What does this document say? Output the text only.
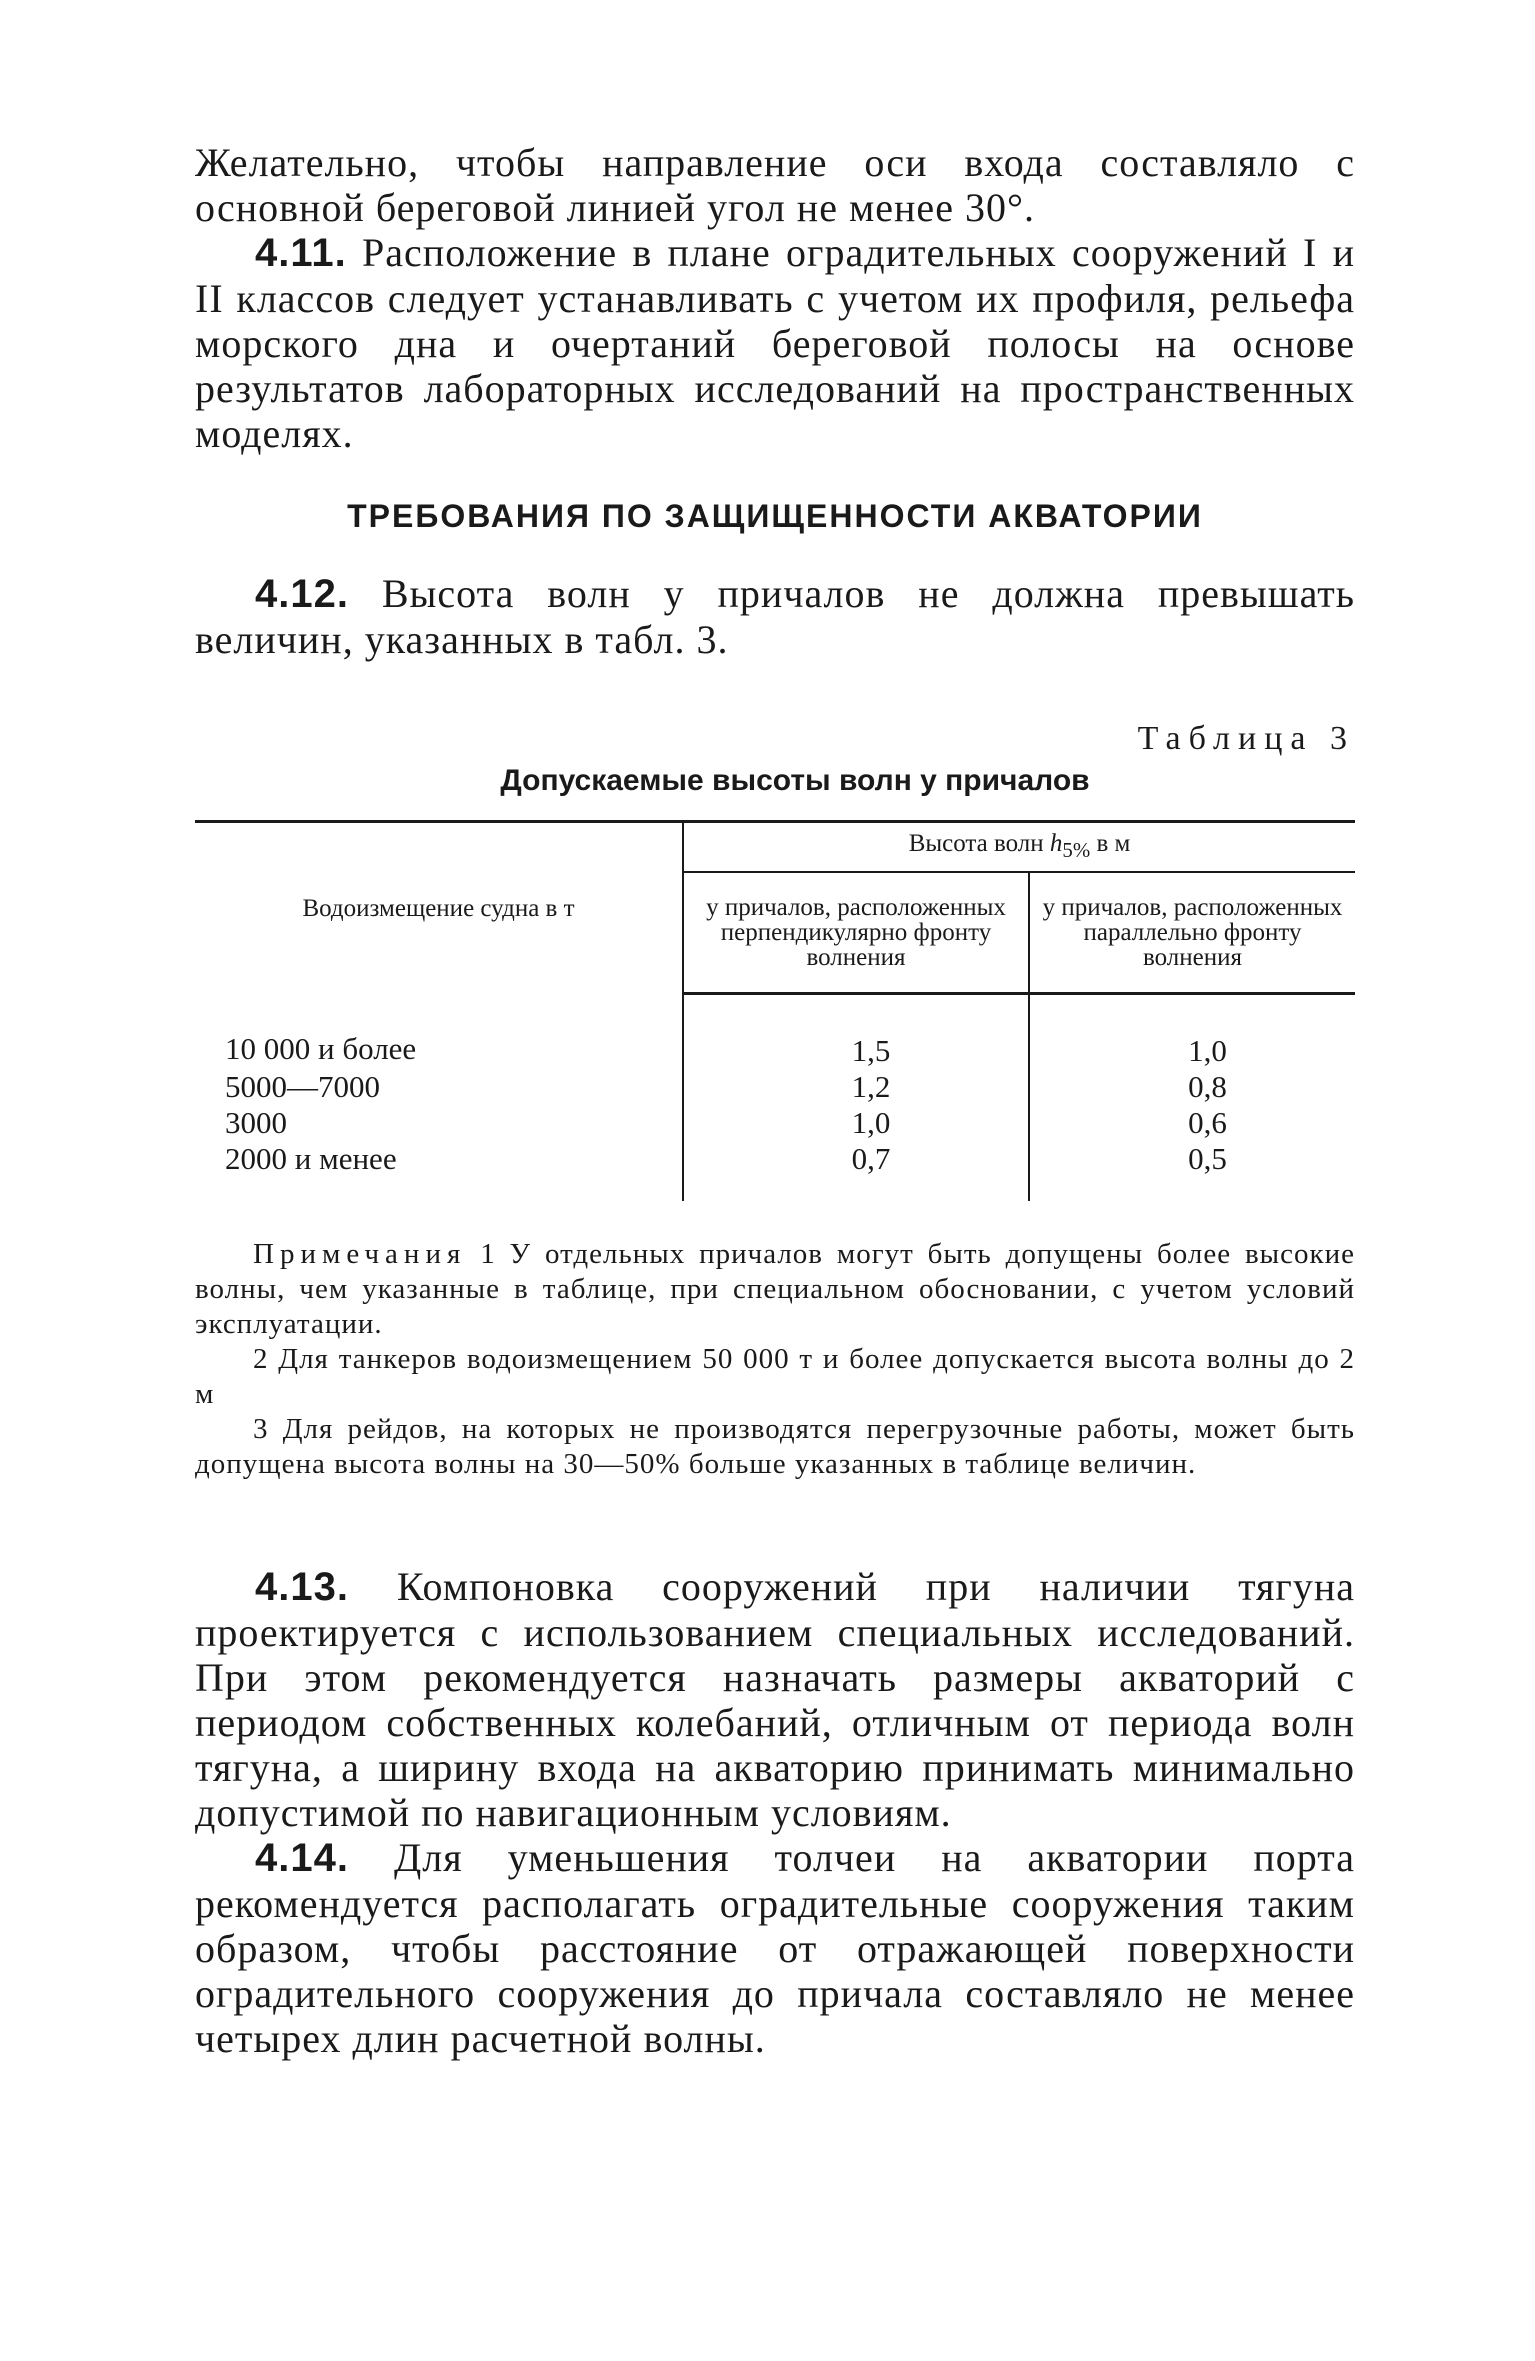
Желательно, чтобы направление оси входа составляло с основной береговой линией угол не менее 30°.

4.11. Расположение в плане оградительных сооружений I и II классов следует устанавливать с учетом их профиля, рельефа морского дна и очертаний береговой полосы на основе результатов лабораторных исследований на пространственных моделях.

ТРЕБОВАНИЯ ПО ЗАЩИЩЕННОСТИ АКВАТОРИИ

4.12. Высота волн у причалов не должна превышать величин, указанных в табл. 3.

Таблица 3
Допускаемые высоты волн у причалов
Водоизмещение судна в т	Высота волн $h_{5\%}$ в м	
	у причалов, расположенных перпендикулярно фронту волнения	у причалов, расположенных параллельно фронту волнения
10 000 и более	1,5	1,0
5000—7000	1,2	0,8
3000	1,0	0,6
2000 и менее	0,7	0,5

Примечания 1 У отдельных причалов могут быть допущены более высокие волны, чем указанные в таблице, при специальном обосновании, с учетом условий эксплуатации.

2 Для танкеров водоизмещением 50 000 т и более допускается высота волны до 2 м

3 Для рейдов, на которых не производятся перегрузочные работы, может быть допущена высота волны на 30—50% больше указанных в таблице величин.

4.13. Компоновка сооружений при наличии тягуна проектируется с использованием специальных исследований. При этом рекомендуется назначать размеры акваторий с периодом собственных колебаний, отличным от периода волн тягуна, а ширину входа на акваторию принимать минимально допустимой по навигационным условиям.

4.14. Для уменьшения толчеи на акватории порта рекомендуется располагать оградительные сооружения таким образом, чтобы расстояние от отражающей поверхности оградительного сооружения до причала составляло не менее четырех длин расчетной волны.
